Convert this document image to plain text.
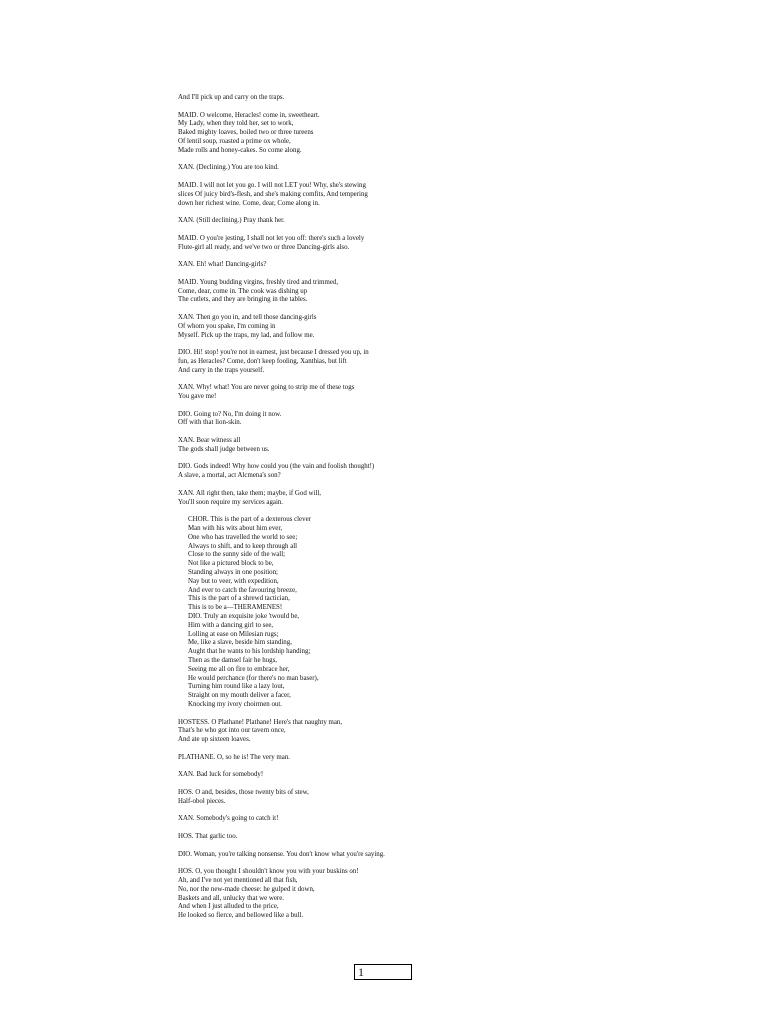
And I'll pick up and carry on the traps.
MAID. O welcome, Heracles! come in, sweetheart.
My Lady, when they told her, set to work,
Baked mighty loaves, boiled two or three tureens
Of lentil soup, roasted a prime ox whole,
Made rolls and honey-cakes. So come along.
XAN. (Declining.) You are too kind.
MAID. I will not let you go. I will not LET you! Why, she's stewing
slices Of juicy bird's-flesh, and she's making comfits, And tempering
down her richest wine. Come, dear, Come along in.
XAN. (Still declining.) Pray thank her.
MAID. O you're jesting, I shall not let you off: there's such a lovely
Flute-girl all ready, and we've two or three Dancing-girls also.
XAN. Eh! what! Dancing-girls?
MAID. Young budding virgins, freshly tired and trimmed,
Come, dear, come in. The cook was dishing up
The cutlets, and they are bringing in the tables.
XAN. Then go you in, and tell those dancing-girls
Of whom you spake, I'm coming in
Myself. Pick up the traps, my lad, and follow me.
DIO. Hi! stop! you're not in earnest, just because I dressed you up, in
fun, as Heracles? Come, don't keep fooling, Xanthias, but lift
And carry in the traps yourself.
XAN. Why! what! You are never going to strip me of these togs
You gave me!
DIO. Going to? No, I'm doing it now.
Off with that lion-skin.
XAN. Bear witness all
The gods shall judge between us.
DIO. Gods indeed! Why how could you (the vain and foolish thought!)
A slave, a mortal, act Alcmena's son?
XAN. All right then, take them; maybe, if God will,
You'll soon require my services again.
CHOR. This is the part of a dexterous clever
Man with his wits about him ever,
One who has travelled the world to see;
Always to shift, and to keep through all
Close to the sunny side of the wall;
Not like a pictured block to be,
Standing always in one position;
Nay but to veer, with expedition,
And ever to catch the favouring breeze,
This is the part of a shrewd tactician,
This is to be a—THERAMENES!
DIO. Truly an exquisite joke 'twould be,
Him with a dancing girl to see,
Lolling at ease on Milesian rugs;
Me, like a slave, beside him standing,
Aught that he wants to his lordship handing;
Then as the damsel fair he hugs,
Seeing me all on fire to embrace her,
He would perchance (for there's no man baser),
Turning him round like a lazy lout,
Straight on my mouth deliver a facer,
Knocking my ivory choirmen out.
HOSTESS. O Plathane! Plathane! Here's that naughty man,
That's he who got into our tavern once,
And ate up sixteen loaves.
PLATHANE. O, so he is! The very man.
XAN. Bad luck for somebody!
HOS. O and, besides, those twenty bits of stew,
Half-obol pieces.
XAN. Somebody's going to catch it!
HOS. That garlic too.
DIO. Woman, you're talking nonsense. You don't know what you're saying.
HOS. O, you thought I shouldn't know you with your buskins on!
Ah, and I've not yet mentioned all that fish,
No, nor the new-made cheese: he gulped it down,
Baskets and all, unlucky that we were.
And when I just alluded to the price,
He looked so fierce, and bellowed like a bull.
1
